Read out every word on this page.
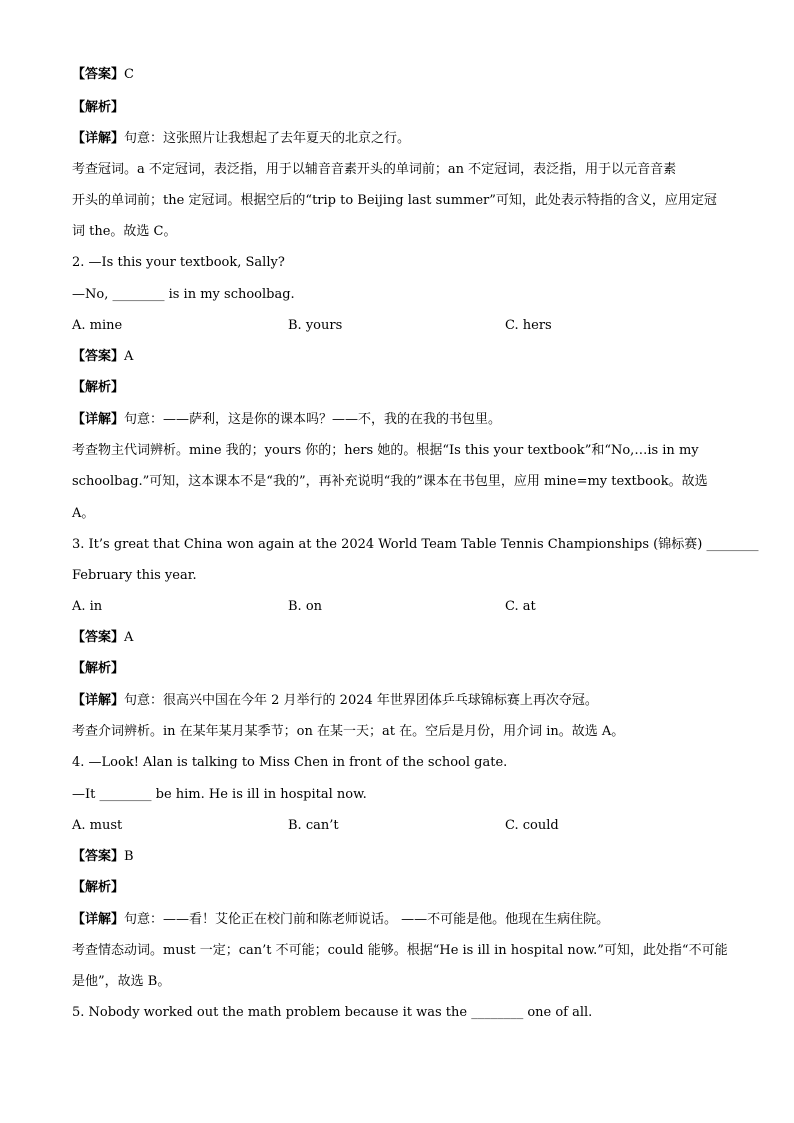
【答案】C
【解析】
【详解】句意：这张照片让我想起了去年夏天的北京之行。
考查冠词。a 不定冠词，表泛指，用于以辅音音素开头的单词前；an 不定冠词，表泛指，用于以元音音素
开头的单词前；the 定冠词。根据空后的“trip to Beijing last summer”可知，此处表示特指的含义，应用定冠
词 the。故选 C。
2. —Is this your textbook, Sally?
—No, ________ is in my schoolbag.
A. mine	B. yours	C. hers
【答案】A
【解析】
【详解】句意：——萨利，这是你的课本吗？——不，我的在我的书包里。
考查物主代词辨析。mine 我的；yours 你的；hers 她的。根据“Is this your textbook”和“No,…is in my
schoolbag.”可知，这本课本不是“我的”，再补充说明“我的”课本在书包里，应用 mine=my textbook。故选
A。
3. It’s great that China won again at the 2024 World Team Table Tennis Championships (锦标赛) ________
February this year.
A. in	B. on	C. at
【答案】A
【解析】
【详解】句意：很高兴中国在今年 2 月举行的 2024 年世界团体乒乓球锦标赛上再次夺冠。
考查介词辨析。in 在某年某月某季节；on 在某一天；at 在。空后是月份，用介词 in。故选 A。
4. —Look! Alan is talking to Miss Chen in front of the school gate.
—It ________ be him. He is ill in hospital now.
A. must	B. can’t	C. could
【答案】B
【解析】
【详解】句意：——看！艾伦正在校门前和陈老师说话。 ——不可能是他。他现在生病住院。
考查情态动词。must 一定；can’t 不可能；could 能够。根据“He is ill in hospital now.”可知，此处指“不可能
是他”，故选 B。
5. Nobody worked out the math problem because it was the ________ one of all.
